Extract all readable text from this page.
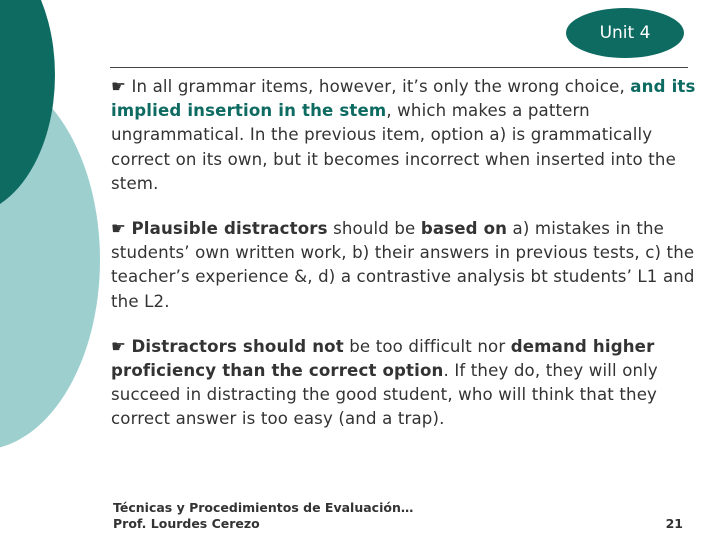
Unit 4

☛ In all grammar items, however, it’s only the wrong choice, and its implied insertion in the stem, which makes a pattern ungrammatical. In the previous item, option a) is grammatically correct on its own, but it becomes incorrect when inserted into the stem.

☛ Plausible distractors should be based on a) mistakes in the students’ own written work, b) their answers in previous tests, c) the teacher’s experience &, d) a contrastive analysis bt students’ L1 and the L2.

☛ Distractors should not be too difficult nor demand higher proficiency than the correct option. If they do, they will only succeed in distracting the good student, who will think that they correct answer is too easy (and a trap).

Técnicas y Procedimientos de Evaluación…
Prof. Lourdes Cerezo	21
